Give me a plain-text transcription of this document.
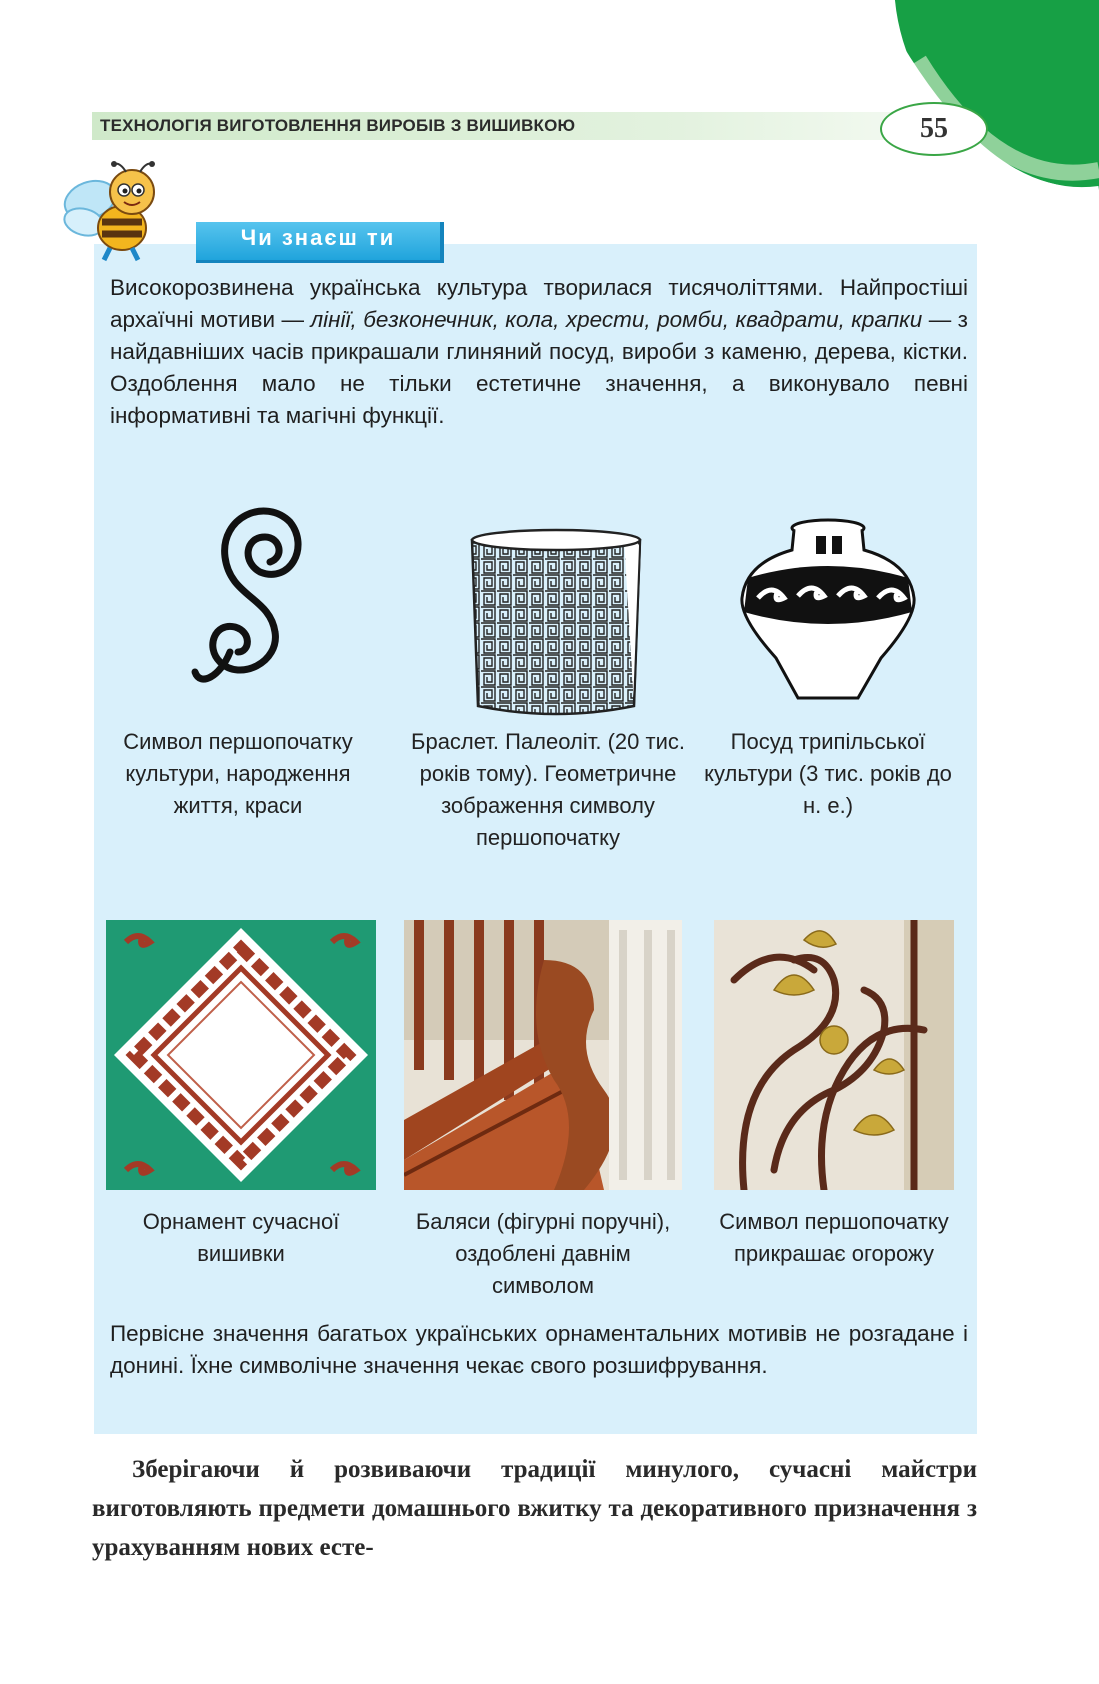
ТЕХНОЛОГІЯ ВИГОТОВЛЕННЯ ВИРОБІВ З ВИШИВКОЮ	55
Чи знаєш ти
Високорозвинена українська культура творилася тисячоліттями. Найпростіші архаїчні мотиви — лінії, безконечник, кола, хрести, ромби, квадрати, крапки — з найдавніших часів прикрашали глиняний посуд, вироби з каменю, дерева, кістки. Оздоблення мало не тільки естетичне значення, а виконувало певні інформативні та магічні функції.
Символ першопочатку культури, народження життя, краси
Браслет. Палеоліт. (20 тис. років тому). Геометричне зображення символу першопочатку
Посуд трипільської культури (3 тис. років до н. е.)
Орнамент сучасної вишивки
Баляси (фігурні поручні), оздоблені давнім символом
Символ першопочатку прикрашає огорожу
Первісне значення багатьох українських орнаментальних мотивів не розгадане і донині. Їхне символічне значення чекає свого розшифрування.
Зберігаючи й розвиваючи традиції минулого, сучасні майстри виготовляють предмети домашнього вжитку та декоративного призначення з урахуванням нових есте-
